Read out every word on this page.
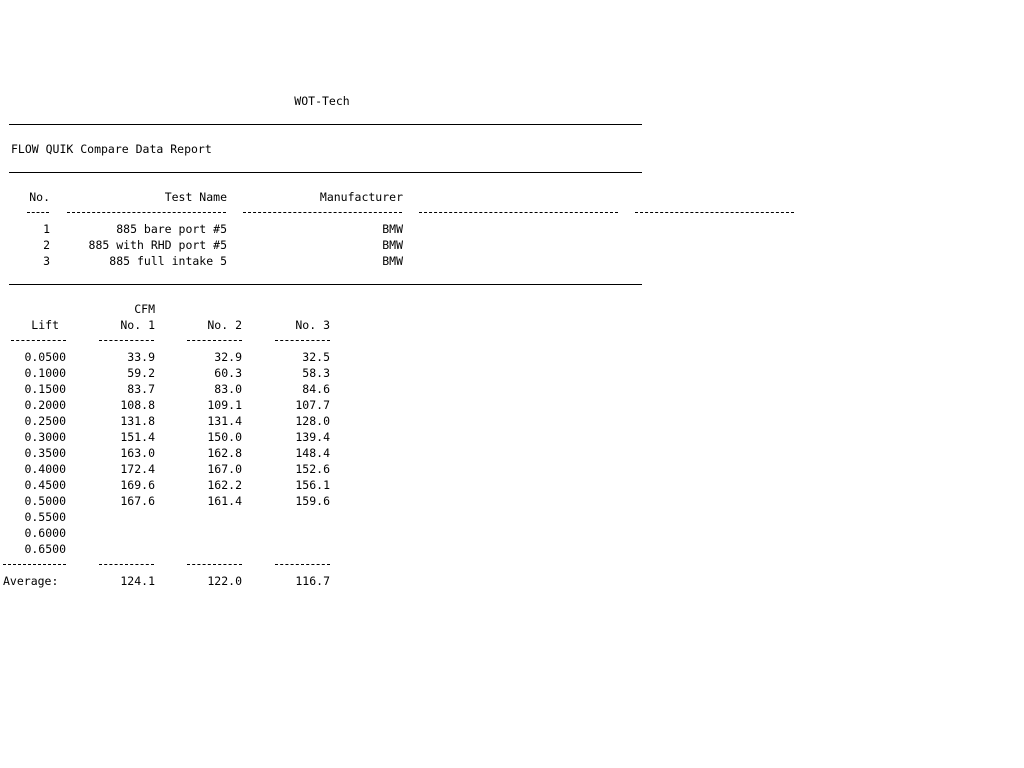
WOT-Tech
FLOW QUIK Compare Data Report
No.	Test Name	Manufacturer
1	885 bare port #5	BMW
2	885 with RHD port #5	BMW
3	885 full intake 5	BMW
CFM
Lift	No. 1	No. 2	No. 3
0.0500	33.9	32.9	32.5
0.1000	59.2	60.3	58.3
0.1500	83.7	83.0	84.6
0.2000	108.8	109.1	107.7
0.2500	131.8	131.4	128.0
0.3000	151.4	150.0	139.4
0.3500	163.0	162.8	148.4
0.4000	172.4	167.0	152.6
0.4500	169.6	162.2	156.1
0.5000	167.6	161.4	159.6
0.5500
0.6000
0.6500
Average:	124.1	122.0	116.7
